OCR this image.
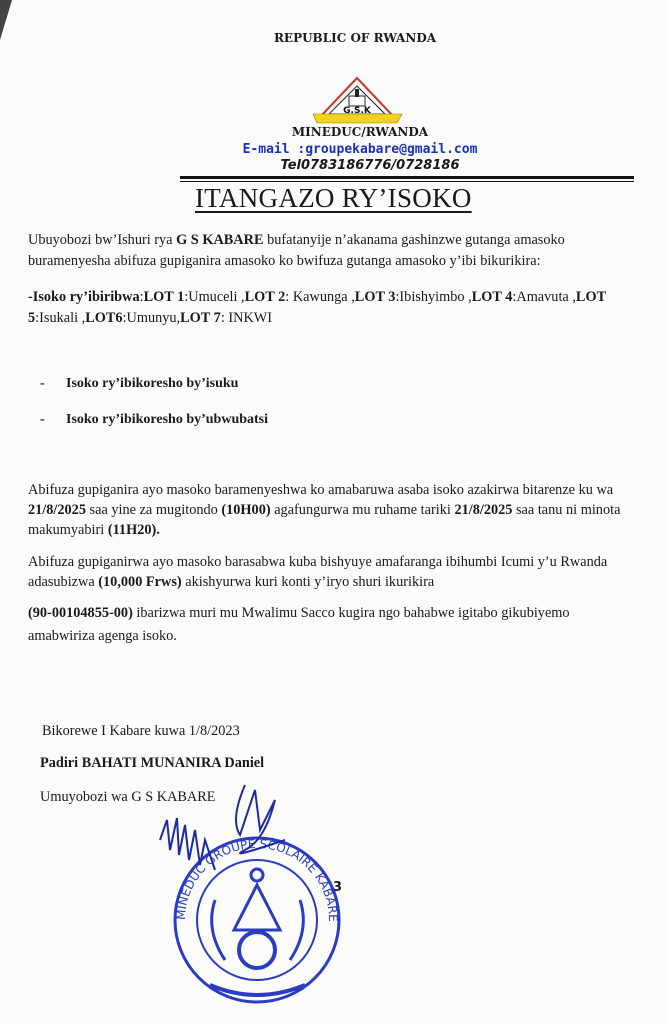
REPUBLIC OF RWANDA
G.S.K
MINEDUC/RWANDA
E-mail :groupekabare@gmail.com
Tel0783186776/0728186
ITANGAZO RY’ISOKO
Ubuyobozi bw’Ishuri rya G S KABARE bufatanyije n’akanama gashinzwe gutanga amasoko buramenyesha abifuza gupiganira amasoko ko bwifuza gutanga amasoko y’ibi bikurikira:
-Isoko ry’ibiribwa:LOT 1:Umuceli ,LOT 2: Kawunga ,LOT 3:Ibishyimbo ,LOT 4:Amavuta ,LOT 5:Isukali ,LOT6:Umunyu,LOT 7: INKWI
- Isoko ry’ibikoresho by’isuku
- Isoko ry’ibikoresho by’ubwubatsi
Abifuza gupiganira ayo masoko baramenyeshwa ko amabaruwa asaba isoko azakirwa bitarenze ku wa 21/8/2025 saa yine za mugitondo (10H00) agafungurwa mu ruhame tariki 21/8/2025 saa tanu ni minota makumyabiri (11H20).
Abifuza gupiganirwa ayo masoko barasabwa kuba bishyuye amafaranga ibihumbi Icumi y’u Rwanda adasubizwa (10,000 Frws) akishyurwa kuri konti y’iryo shuri ikurikira
(90-00104855-00) ibarizwa muri mu Mwalimu Sacco kugira ngo bahabwe igitabo gikubiyemo amabwiriza agenga isoko.
Bikorewe I Kabare kuwa 1/8/2023
Padiri BAHATI MUNANIRA Daniel
Umuyobozi wa G S KABARE
MINEDUC GROUPE SCOLAIRE KABARE
3
